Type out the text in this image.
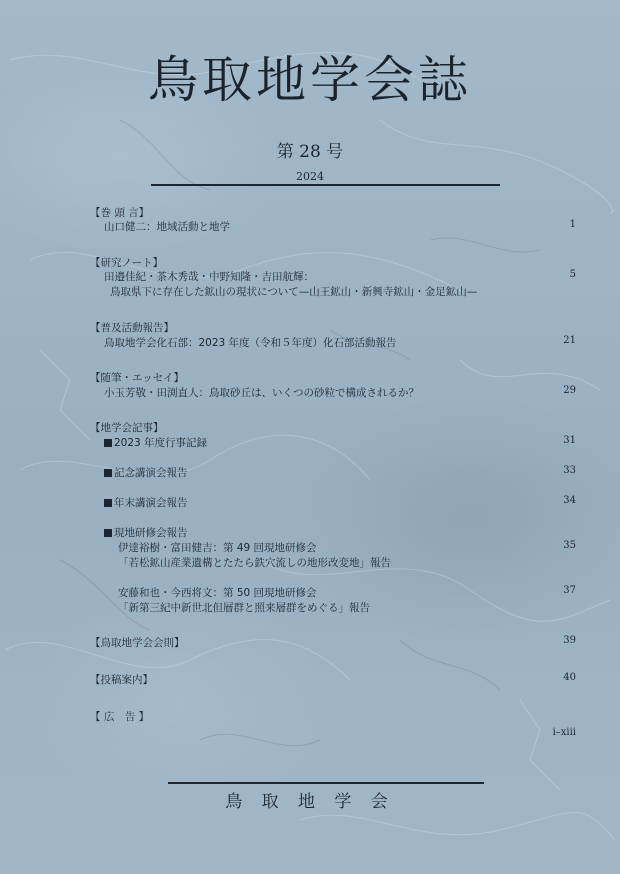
鳥取地学会誌
第 28 号
2024
【巻 頭 言】
山口健二：地域活動と地学	1
【研究ノート】
田邉佳紀・茶木秀哉・中野知隆・吉田航輝：	5
鳥取県下に存在した鉱山の現状について—山王鉱山・新興寺鉱山・金足鉱山—
【普及活動報告】
鳥取地学会化石部：2023 年度（令和５年度）化石部活動報告	21
【随筆・エッセイ】
小玉芳敬・田渕直人：鳥取砂丘は、いくつの砂粒で構成されるか？	29
【地学会記事】
2023 年度行事記録	31
記念講演会報告	33
年末講演会報告	34
現地研修会報告
伊達裕樹・富田健吉：第 49 回現地研修会	35
「若松鉱山産業遺構とたたら鉄穴流しの地形改変地」報告
安藤和也・今西将文：第 50 回現地研修会	37
「新第三紀中新世北但層群と照来層群をめぐる」報告
【鳥取地学会会則】	39
【投稿案内】	40
【 広　告 】
i–xiii
鳥 取 地 学 会
